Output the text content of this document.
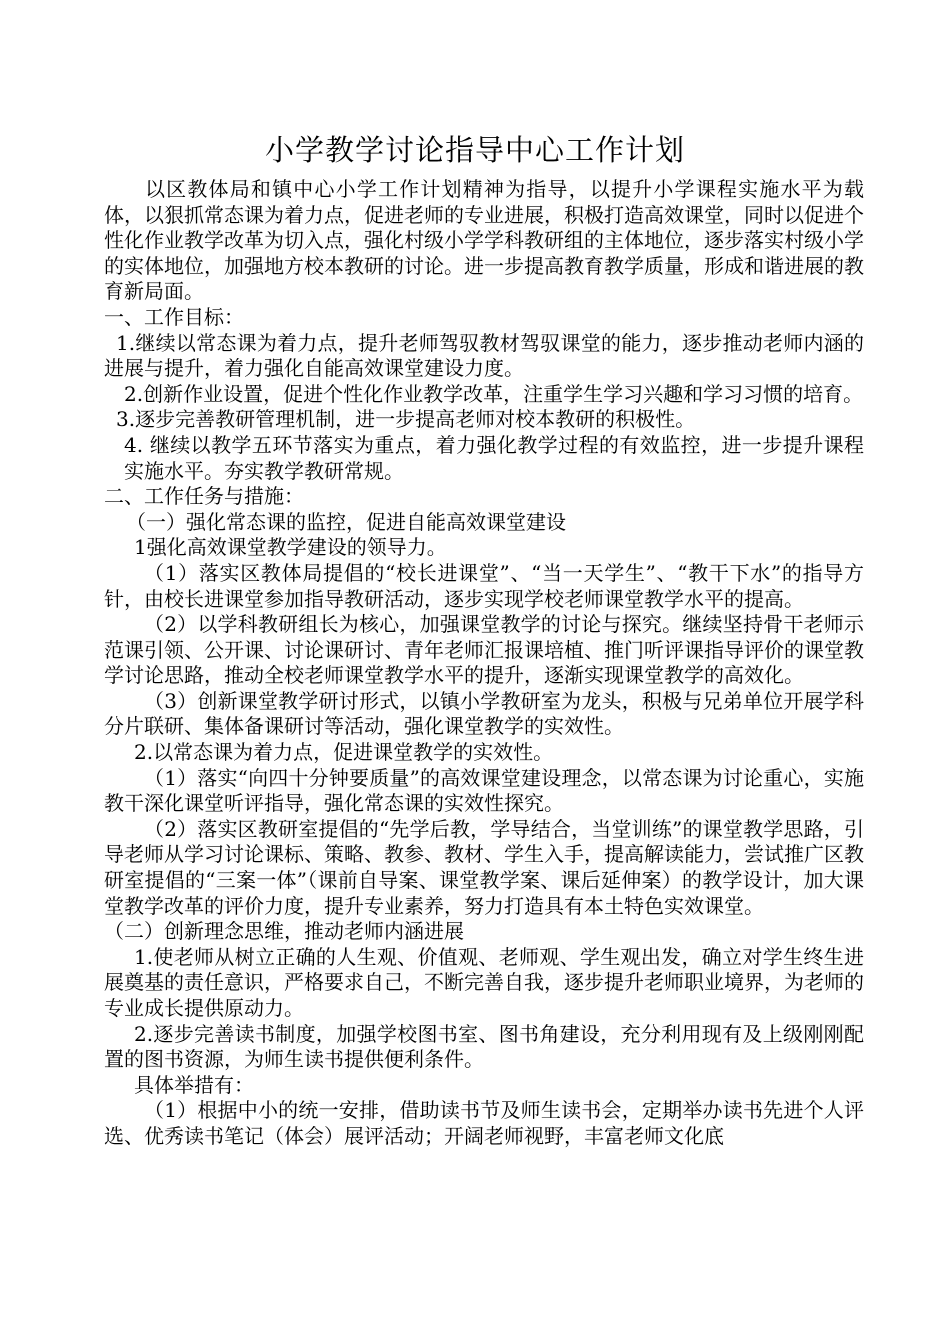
小学教学讨论指导中心工作计划

以区教体局和镇中心小学工作计划精神为指导，以提升小学课程实施水平为载体，以狠抓常态课为着力点，促进老师的专业进展，积极打造高效课堂，同时以促进个性化作业教学改革为切入点，强化村级小学学科教研组的主体地位，逐步落实村级小学的实体地位，加强地方校本教研的讨论。进一步提高教育教学质量，形成和谐进展的教育新局面。

一、工作目标：

1.继续以常态课为着力点，提升老师驾驭教材驾驭课堂的能力，逐步推动老师内涵的进展与提升，着力强化自能高效课堂建设力度。

2.创新作业设置，促进个性化作业教学改革，注重学生学习兴趣和学习习惯的培育。

3.逐步完善教研管理机制，进一步提高老师对校本教研的积极性。

4. 继续以教学五环节落实为重点，着力强化教学过程的有效监控，进一步提升课程实施水平。夯实教学教研常规。

二、工作任务与措施：

（一）强化常态课的监控，促进自能高效课堂建设

1强化高效课堂教学建设的领导力。

（1）落实区教体局提倡的“校长进课堂”、“当一天学生”、“教干下水”的指导方针，由校长进课堂参加指导教研活动，逐步实现学校老师课堂教学水平的提高。

（2）以学科教研组长为核心，加强课堂教学的讨论与探究。继续坚持骨干老师示范课引领、公开课、讨论课研讨、青年老师汇报课培植、推门听评课指导评价的课堂教学讨论思路，推动全校老师课堂教学水平的提升，逐渐实现课堂教学的高效化。

（3）创新课堂教学研讨形式，以镇小学教研室为龙头，积极与兄弟单位开展学科分片联研、集体备课研讨等活动，强化课堂教学的实效性。

2.以常态课为着力点，促进课堂教学的实效性。

（1）落实“向四十分钟要质量”的高效课堂建设理念，以常态课为讨论重心，实施教干深化课堂听评指导，强化常态课的实效性探究。

（2）落实区教研室提倡的“先学后教，学导结合，当堂训练”的课堂教学思路，引导老师从学习讨论课标、策略、教参、教材、学生入手，提高解读能力，尝试推广区教研室提倡的“三案一体”（课前自导案、课堂教学案、课后延伸案）的教学设计，加大课堂教学改革的评价力度，提升专业素养，努力打造具有本土特色实效课堂。

（二）创新理念思维，推动老师内涵进展

1.使老师从树立正确的人生观、价值观、老师观、学生观出发，确立对学生终生进展奠基的责任意识，严格要求自己，不断完善自我，逐步提升老师职业境界，为老师的专业成长提供原动力。

2.逐步完善读书制度，加强学校图书室、图书角建设，充分利用现有及上级刚刚配置的图书资源，为师生读书提供便利条件。

具体举措有：

（1）根据中小的统一安排，借助读书节及师生读书会，定期举办读书先进个人评选、优秀读书笔记（体会）展评活动；开阔老师视野，丰富老师文化底
